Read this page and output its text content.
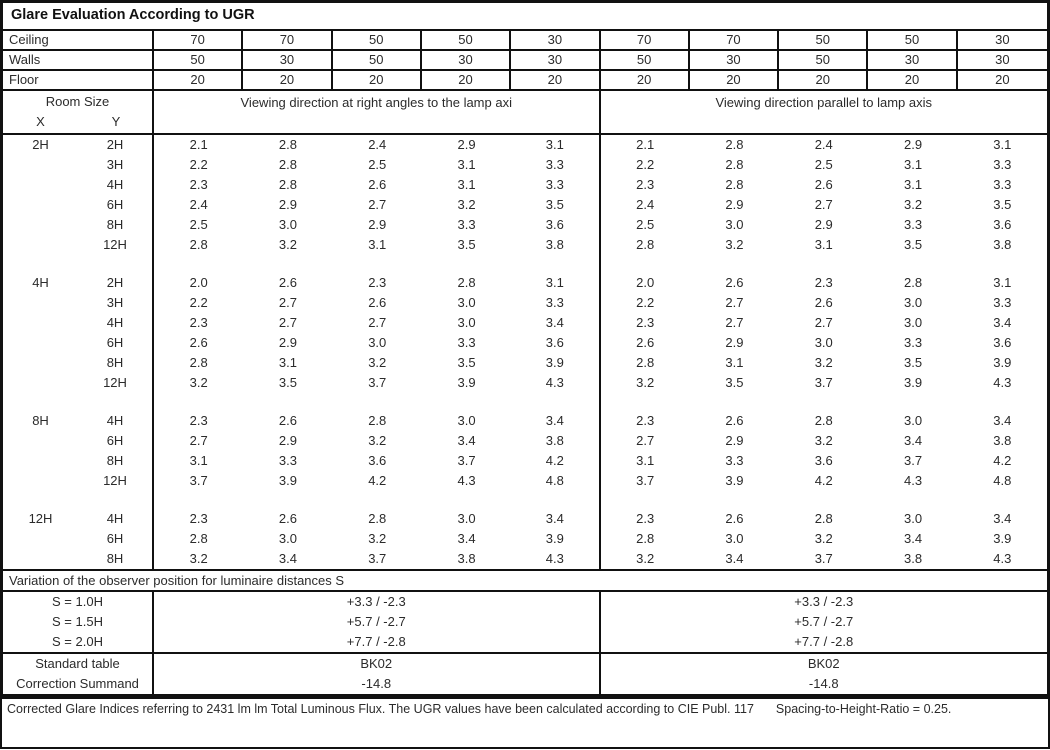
Glare Evaluation According to UGR
Ceiling	70	70	50	50	30	70	70	50	50	30
Walls	50	30	50	30	30	50	30	50	30	30
Floor	20	20	20	20	20	20	20	20	20	20
Room Size
X	Y
Viewing direction at right angles to the lamp axi	Viewing direction parallel to lamp axis
2H	2H	2.1	2.8	2.4	2.9	3.1	2.1	2.8	2.4	2.9	3.1
3H	2.2	2.8	2.5	3.1	3.3	2.2	2.8	2.5	3.1	3.3
4H	2.3	2.8	2.6	3.1	3.3	2.3	2.8	2.6	3.1	3.3
6H	2.4	2.9	2.7	3.2	3.5	2.4	2.9	2.7	3.2	3.5
8H	2.5	3.0	2.9	3.3	3.6	2.5	3.0	2.9	3.3	3.6
12H	2.8	3.2	3.1	3.5	3.8	2.8	3.2	3.1	3.5	3.8
4H	2H	2.0	2.6	2.3	2.8	3.1	2.0	2.6	2.3	2.8	3.1
3H	2.2	2.7	2.6	3.0	3.3	2.2	2.7	2.6	3.0	3.3
4H	2.3	2.7	2.7	3.0	3.4	2.3	2.7	2.7	3.0	3.4
6H	2.6	2.9	3.0	3.3	3.6	2.6	2.9	3.0	3.3	3.6
8H	2.8	3.1	3.2	3.5	3.9	2.8	3.1	3.2	3.5	3.9
12H	3.2	3.5	3.7	3.9	4.3	3.2	3.5	3.7	3.9	4.3
8H	4H	2.3	2.6	2.8	3.0	3.4	2.3	2.6	2.8	3.0	3.4
6H	2.7	2.9	3.2	3.4	3.8	2.7	2.9	3.2	3.4	3.8
8H	3.1	3.3	3.6	3.7	4.2	3.1	3.3	3.6	3.7	4.2
12H	3.7	3.9	4.2	4.3	4.8	3.7	3.9	4.2	4.3	4.8
12H	4H	2.3	2.6	2.8	3.0	3.4	2.3	2.6	2.8	3.0	3.4
6H	2.8	3.0	3.2	3.4	3.9	2.8	3.0	3.2	3.4	3.9
8H	3.2	3.4	3.7	3.8	4.3	3.2	3.4	3.7	3.8	4.3
Variation of the observer position for luminaire distances S
S = 1.0H	+3.3 / -2.3	+3.3 / -2.3
S = 1.5H	+5.7 / -2.7	+5.7 / -2.7
S = 2.0H	+7.7 / -2.8	+7.7 / -2.8
Standard table	BK02	BK02
Correction Summand	-14.8	-14.8
Corrected Glare Indices referring to 2431 lm lm Total Luminous Flux. The UGR values have been calculated according to CIE Publ. 117 Spacing-to-Height-Ratio = 0.25.
